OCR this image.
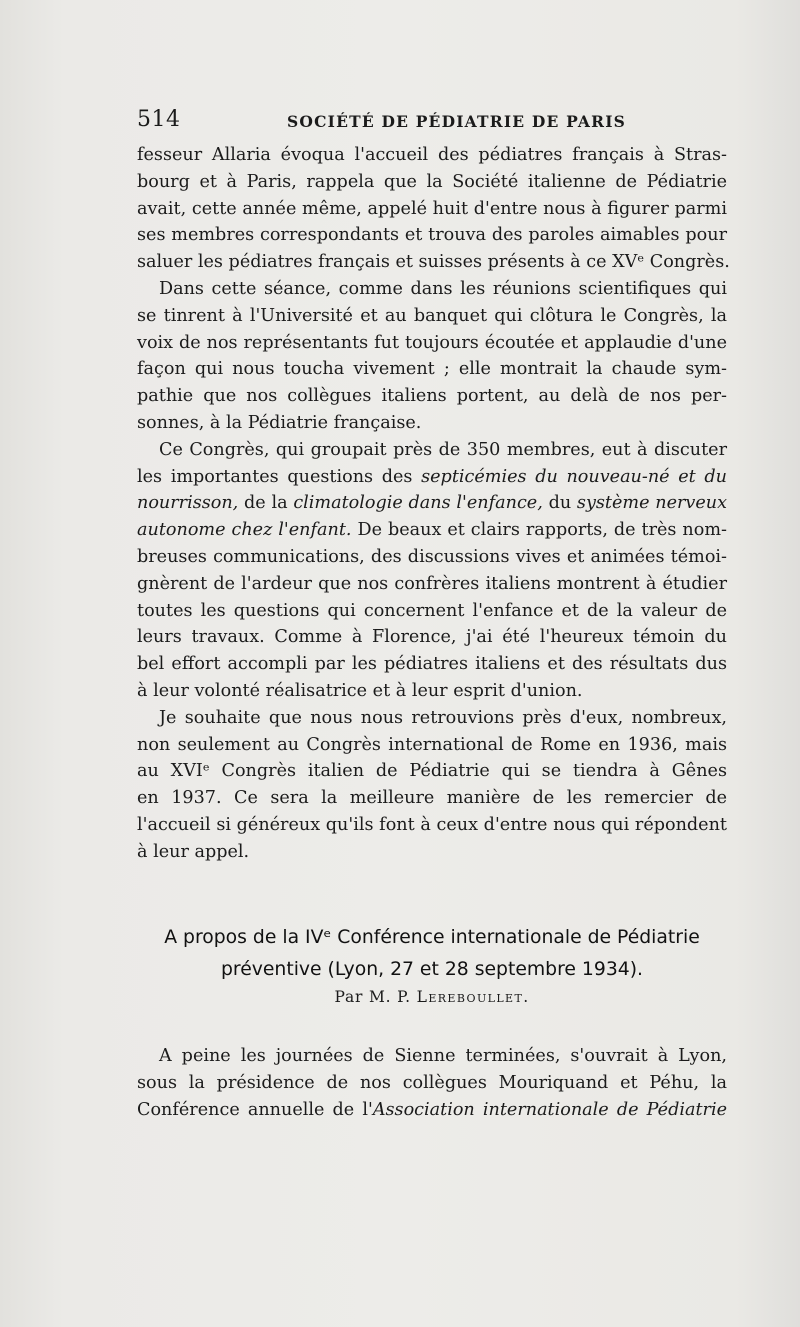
514	SOCIÉTÉ DE PÉDIATRIE DE PARIS
fesseur Allaria évoqua l'accueil des pédiatres français à Stras-
bourg et à Paris, rappela que la Société italienne de Pédiatrie
avait, cette année même, appelé huit d'entre nous à figurer parmi
ses membres correspondants et trouva des paroles aimables pour
saluer les pédiatres français et suisses présents à ce XVᵉ Congrès.
Dans cette séance, comme dans les réunions scientifiques qui
se tinrent à l'Université et au banquet qui clôtura le Congrès, la
voix de nos représentants fut toujours écoutée et applaudie d'une
façon qui nous toucha vivement ; elle montrait la chaude sym-
pathie que nos collègues italiens portent, au delà de nos per-
sonnes, à la Pédiatrie française.
Ce Congrès, qui groupait près de 350 membres, eut à discuter
les importantes questions des septicémies du nouveau-né et du
nourrisson, de la climatologie dans l'enfance, du système nerveux
autonome chez l'enfant. De beaux et clairs rapports, de très nom-
breuses communications, des discussions vives et animées témoi-
gnèrent de l'ardeur que nos confrères italiens montrent à étudier
toutes les questions qui concernent l'enfance et de la valeur de
leurs travaux. Comme à Florence, j'ai été l'heureux témoin du
bel effort accompli par les pédiatres italiens et des résultats dus
à leur volonté réalisatrice et à leur esprit d'union.
Je souhaite que nous nous retrouvions près d'eux, nombreux,
non seulement au Congrès international de Rome en 1936, mais
au XVIᵉ Congrès italien de Pédiatrie qui se tiendra à Gênes
en 1937. Ce sera la meilleure manière de les remercier de
l'accueil si généreux qu'ils font à ceux d'entre nous qui répondent
à leur appel.
A propos de la IVᵉ Conférence internationale de Pédiatrie
préventive (Lyon, 27 et 28 septembre 1934).
Par M. P. Lereboullet.
A peine les journées de Sienne terminées, s'ouvrait à Lyon,
sous la présidence de nos collègues Mouriquand et Péhu, la
Conférence annuelle de l'Association internationale de Pédiatrie
